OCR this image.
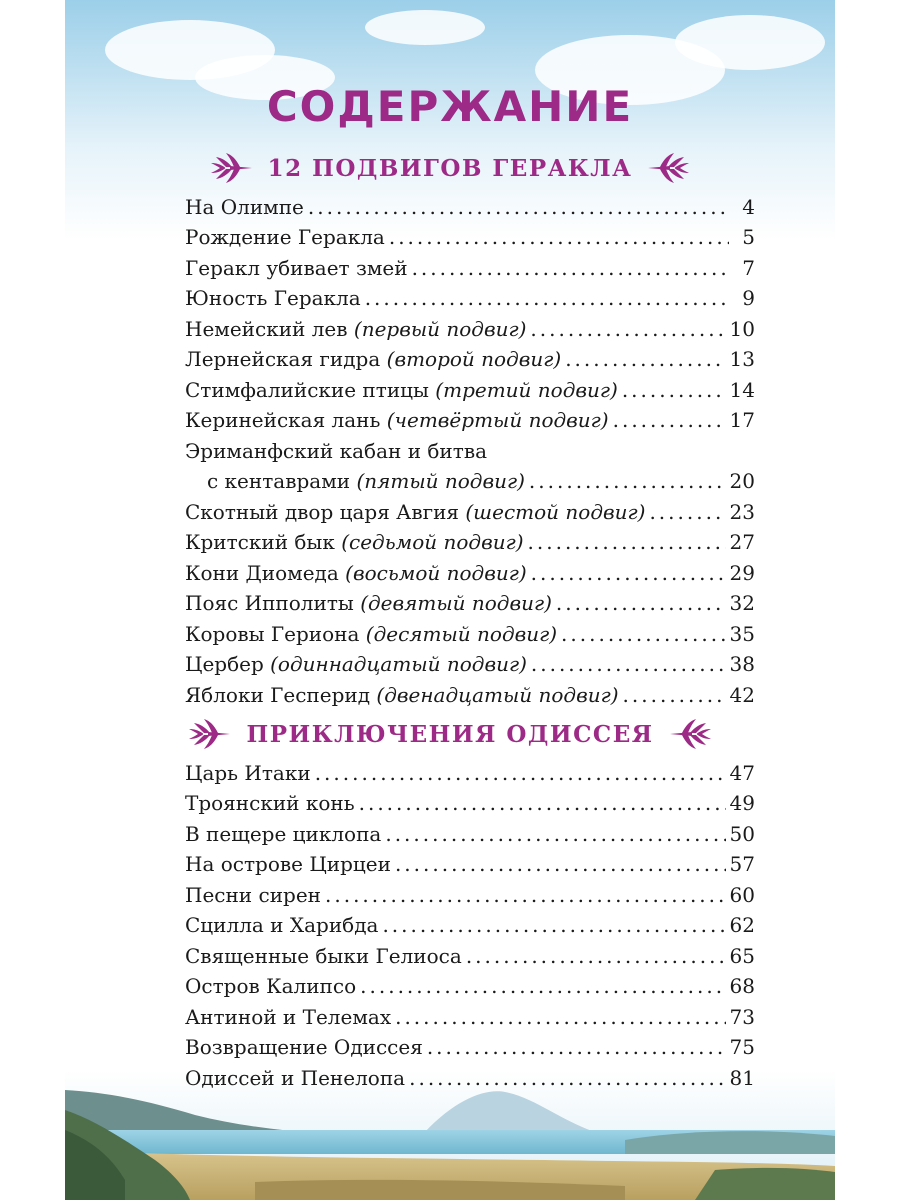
СОДЕРЖАНИЕ
12 ПОДВИГОВ ГЕРАКЛА
На Олимпе .....	4
Рождение Геракла .....	5
Геракл убивает змей .....	7
Юность Геракла .....	9
Немейский лев (первый подвиг) .....	10
Лернейская гидра (второй подвиг) .....	13
Стимфалийские птицы (третий подвиг) .....	14
Керинейская лань (четвёртый подвиг) .....	17
Эриманфский кабан и битва
с кентаврами (пятый подвиг) .....	20
Скотный двор царя Авгия (шестой подвиг) .....	23
Критский бык (седьмой подвиг) .....	27
Кони Диомеда (восьмой подвиг) .....	29
Пояс Ипполиты (девятый подвиг) .....	32
Коровы Гериона (десятый подвиг) .....	35
Цербер (одиннадцатый подвиг) .....	38
Яблоки Гесперид (двенадцатый подвиг) .....	42
ПРИКЛЮЧЕНИЯ ОДИССЕЯ
Царь Итаки .....	47
Троянский конь .....	49
В пещере циклопа .....	50
На острове Цирцеи .....	57
Песни сирен .....	60
Сцилла и Харибда .....	62
Священные быки Гелиоса .....	65
Остров Калипсо .....	68
Антиной и Телемах .....	73
Возвращение Одиссея .....	75
Одиссей и Пенелопа .....	81
